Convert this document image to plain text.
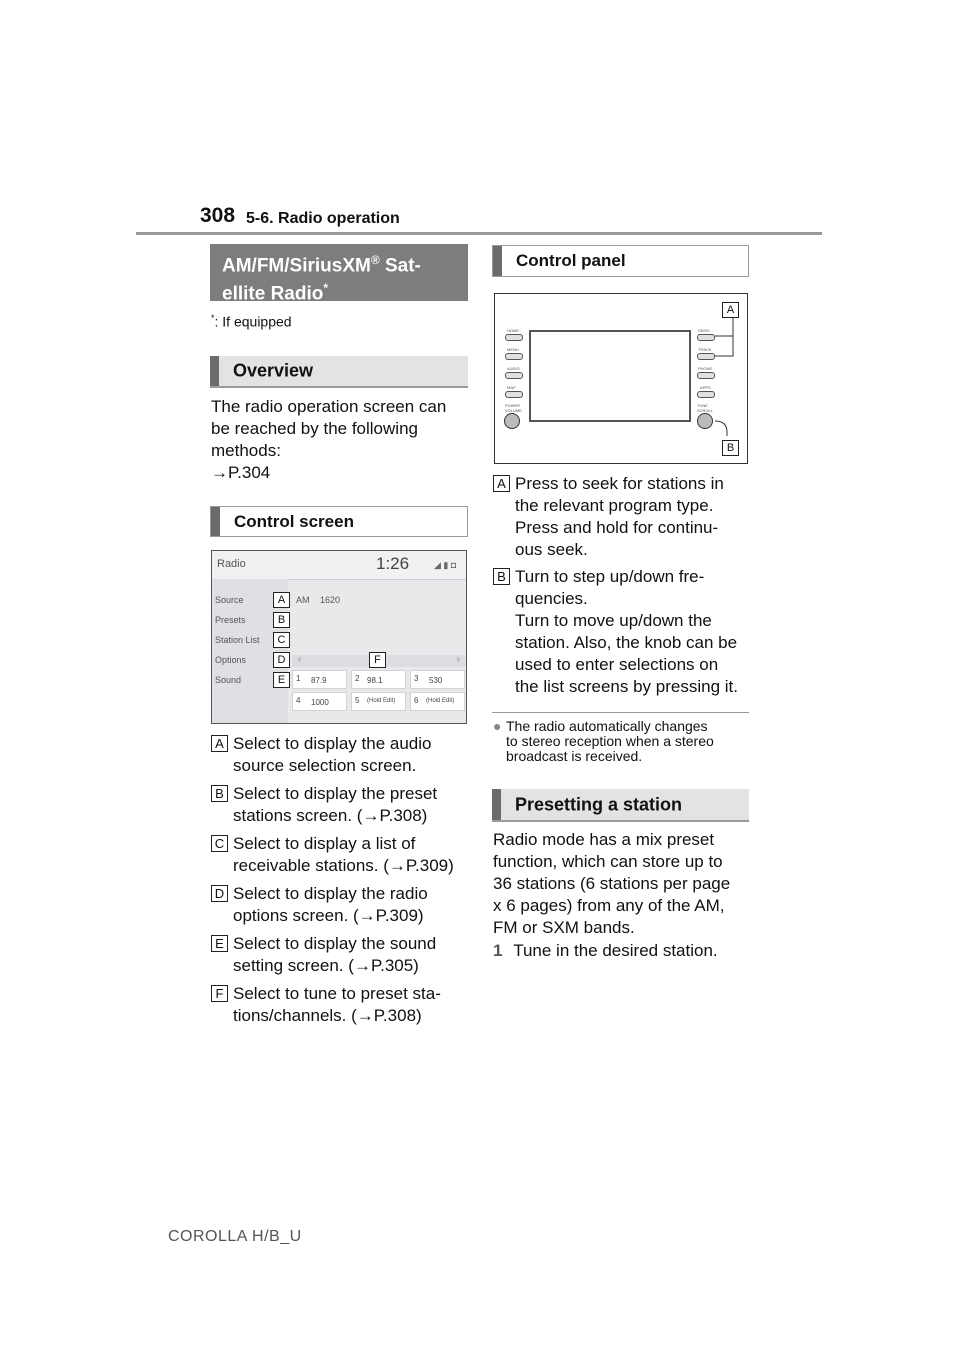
308 5-6. Radio operation
AM/FM/SiriusXM® Sat-
ellite Radio*
*: If equipped
Overview
The radio operation screen can
be reached by the following
methods:
→P.304
Control screen
Radio	1:26	◢ ▮ ◘
Source
Presets
Station List
Options
Sound
AM 1620
‹	›
1 87.9	2 98.1	3 530
4 1000	5 (Hold Edit) 6 (Hold Edit)
A
B
C
D
E
F
A Select to display the audio
source selection screen.
B Select to display the preset
stations screen. (→P.308)
C Select to display a list of
receivable stations. (→P.309)
D Select to display the radio
options screen. (→P.309)
E Select to display the sound
setting screen. (→P.305)
F Select to tune to preset sta-
tions/channels. (→P.308)
Control panel
HOME
MENU
AUDIO
MAP
POWER VOLUME
SEEK/
TRACK
PHONE
APPS
TUNE SCROLL
A
B
A Press to seek for stations in
the relevant program type.
Press and hold for continu-
ous seek.
B Turn to step up/down fre-
quencies.
Turn to move up/down the
station. Also, the knob can be
used to enter selections on
the list screens by pressing it.
● The radio automatically changes
to stereo reception when a stereo
broadcast is received.
Presetting a station
Radio mode has a mix preset
function, which can store up to
36 stations (6 stations per page
x 6 pages) from any of the AM,
FM or SXM bands.
1 Tune in the desired station.
COROLLA H/B_U
